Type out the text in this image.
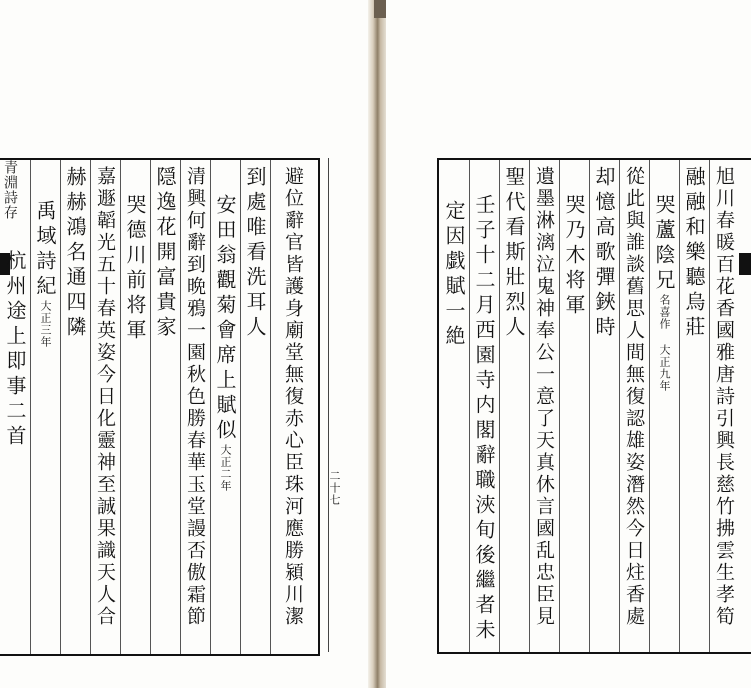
青淵詩存
杭州途上即事二首 禹域詩紀
大正三年 赫赫鴻名通四隣 嘉遯韜光五十春英姿今日化靈神至誠果識天人合 哭德川前将軍 隠逸花開富貴家 清興何辭到晩鴉一園秋色勝春華玉堂謾否傲霜節 安田翁觀菊會席上賦似
大正二年
到處唯看洗耳人 避位辭官皆護身廟堂無復赤心臣珠河應勝潁川潔 二十七
定因戯賦一絶 壬子十二月西園寺内閣辭職浹旬後繼者未 聖代看斯壯烈人 遺墨淋漓泣鬼神奉公一意了天真休言國乱忠臣見 哭乃木将軍 却憶高歌彈鋏時 從此與誰談舊思人間無復認雄姿潛然今日炷香處 哭蘆陰兄
名喜作 大正九年
融融和樂聽烏莊 旭川春暖百花香國雅唐詩引興長慈竹拂雲生孝筍
